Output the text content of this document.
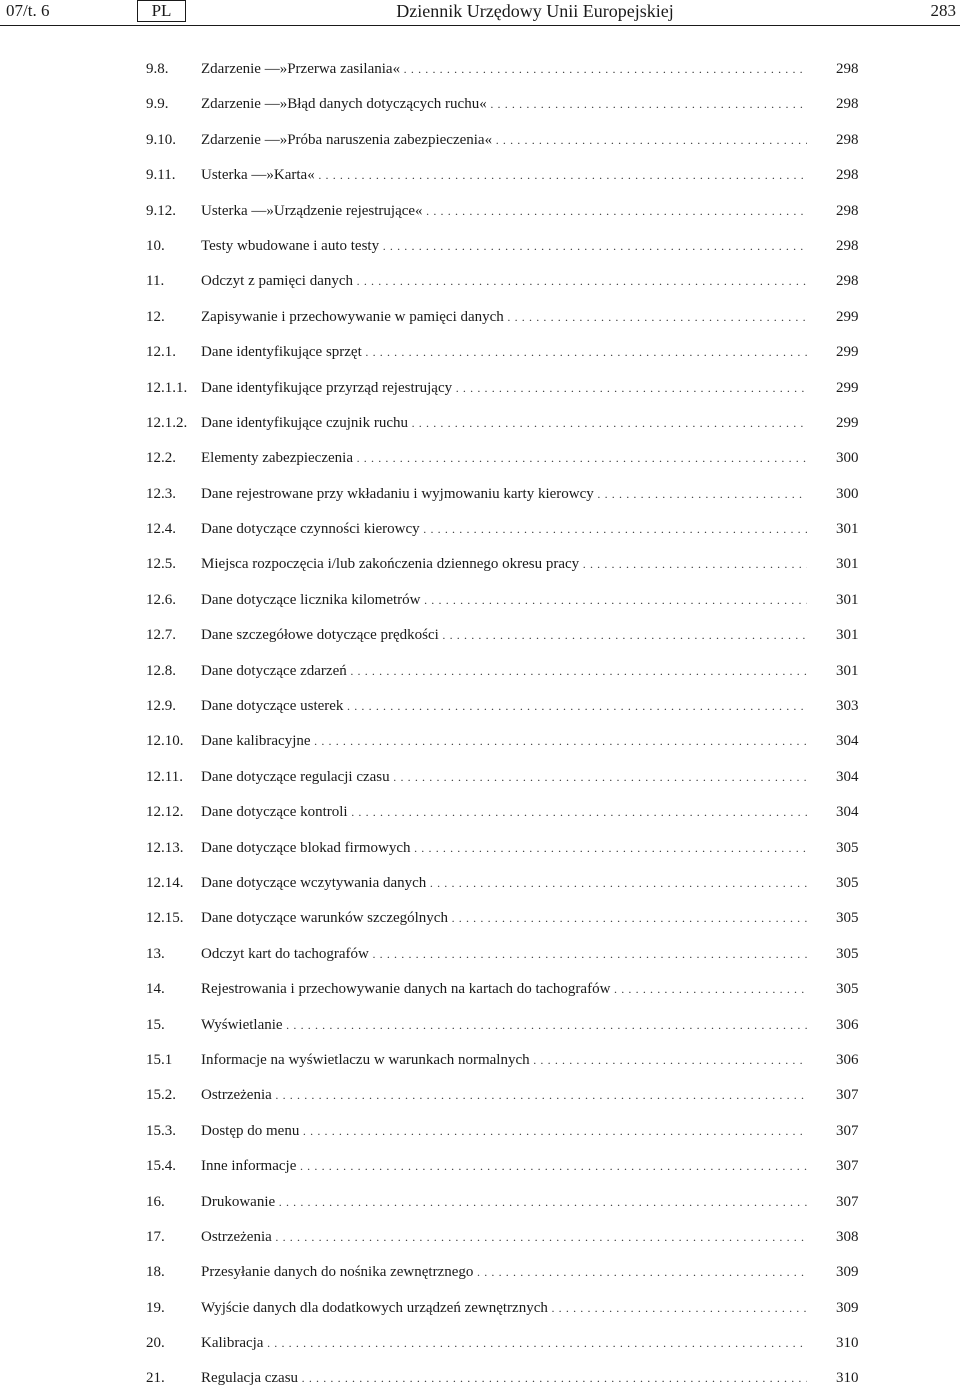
07/t. 6	PL	Dziennik Urzędowy Unii Europejskiej	283
9.8. Zdarzenie —»Przerwa zasilania« . . .	298
9.9. Zdarzenie —»Błąd danych dotyczących ruchu« . . .	298
9.10. Zdarzenie —»Próba naruszenia zabezpieczenia« . . .	298
9.11. Usterka —»Karta« . . .	298
9.12. Usterka —»Urządzenie rejestrujące« . . .	298
10. Testy wbudowane i auto testy . . .	298
11. Odczyt z pamięci danych . . .	298
12. Zapisywanie i przechowywanie w pamięci danych . . .	299
12.1. Dane identyfikujące sprzęt . . .	299
12.1.1. Dane identyfikujące przyrząd rejestrujący . . .	299
12.1.2. Dane identyfikujące czujnik ruchu . . .	299
12.2. Elementy zabezpieczenia . . .	300
12.3. Dane rejestrowane przy wkładaniu i wyjmowaniu karty kierowcy . . .	300
12.4. Dane dotyczące czynności kierowcy . . .	301
12.5. Miejsca rozpoczęcia i/lub zakończenia dziennego okresu pracy . . .	301
12.6. Dane dotyczące licznika kilometrów . . .	301
12.7. Dane szczegółowe dotyczące prędkości . . .	301
12.8. Dane dotyczące zdarzeń . . .	301
12.9. Dane dotyczące usterek . . .	303
12.10. Dane kalibracyjne . . .	304
12.11. Dane dotyczące regulacji czasu . . .	304
12.12. Dane dotyczące kontroli . . .	304
12.13. Dane dotyczące blokad firmowych . . .	305
12.14. Dane dotyczące wczytywania danych . . .	305
12.15. Dane dotyczące warunków szczególnych . . .	305
13. Odczyt kart do tachografów . . .	305
14. Rejestrowania i przechowywanie danych na kartach do tachografów . . .	305
15. Wyświetlanie . . .	306
15.1 Informacje na wyświetlaczu w warunkach normalnych . . .	306
15.2. Ostrzeżenia . . .	307
15.3. Dostęp do menu . . .	307
15.4. Inne informacje . . .	307
16. Drukowanie . . .	307
17. Ostrzeżenia . . .	308
18. Przesyłanie danych do nośnika zewnętrznego . . .	309
19. Wyjście danych dla dodatkowych urządzeń zewnętrznych . . .	309
20. Kalibracja . . .	310
21. Regulacja czasu . . .	310
